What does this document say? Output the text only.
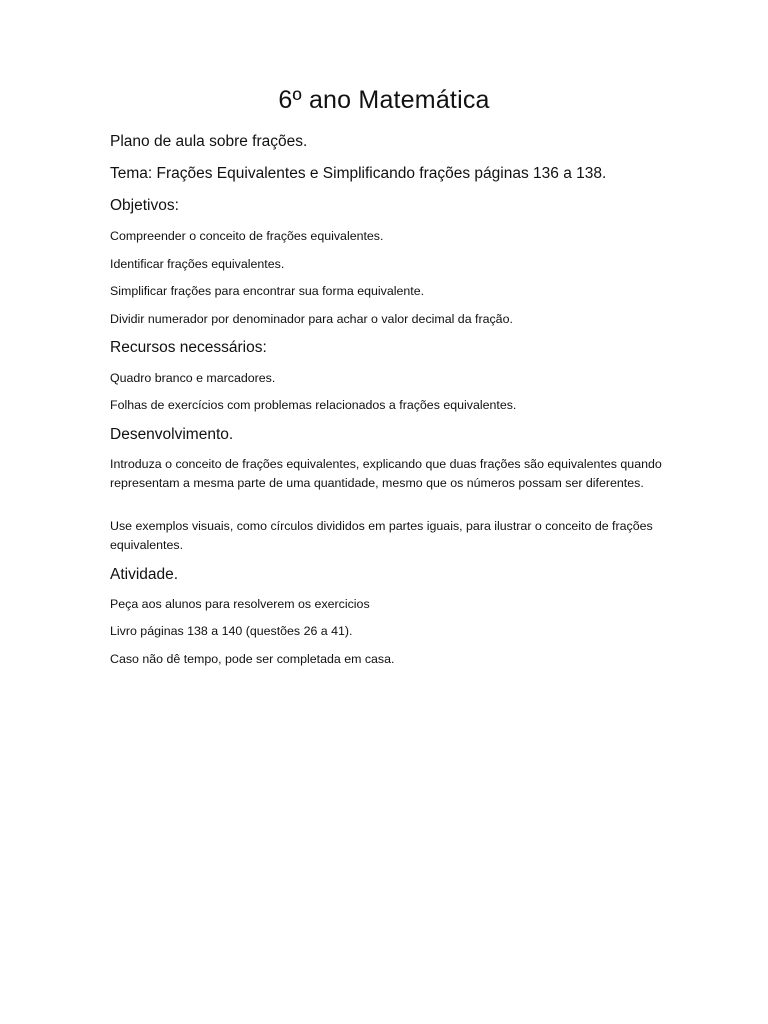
6º ano Matemática

Plano de aula sobre frações.

Tema: Frações Equivalentes e Simplificando frações páginas 136 a 138.

Objetivos:

Compreender o conceito de frações equivalentes.

Identificar frações equivalentes.

Simplificar frações para encontrar sua forma equivalente.

Dividir numerador por denominador para achar o valor decimal da fração.

Recursos necessários:

Quadro branco e marcadores.

Folhas de exercícios com problemas relacionados a frações equivalentes.

Desenvolvimento.

Introduza o conceito de frações equivalentes, explicando que duas frações são equivalentes quando representam a mesma parte de uma quantidade, mesmo que os números possam ser diferentes.

Use exemplos visuais, como círculos divididos em partes iguais, para ilustrar o conceito de frações equivalentes.

Atividade.

Peça aos alunos para resolverem os exercicios

Livro páginas 138 a 140 (questões 26 a 41).

Caso não dê tempo, pode ser completada em casa.
